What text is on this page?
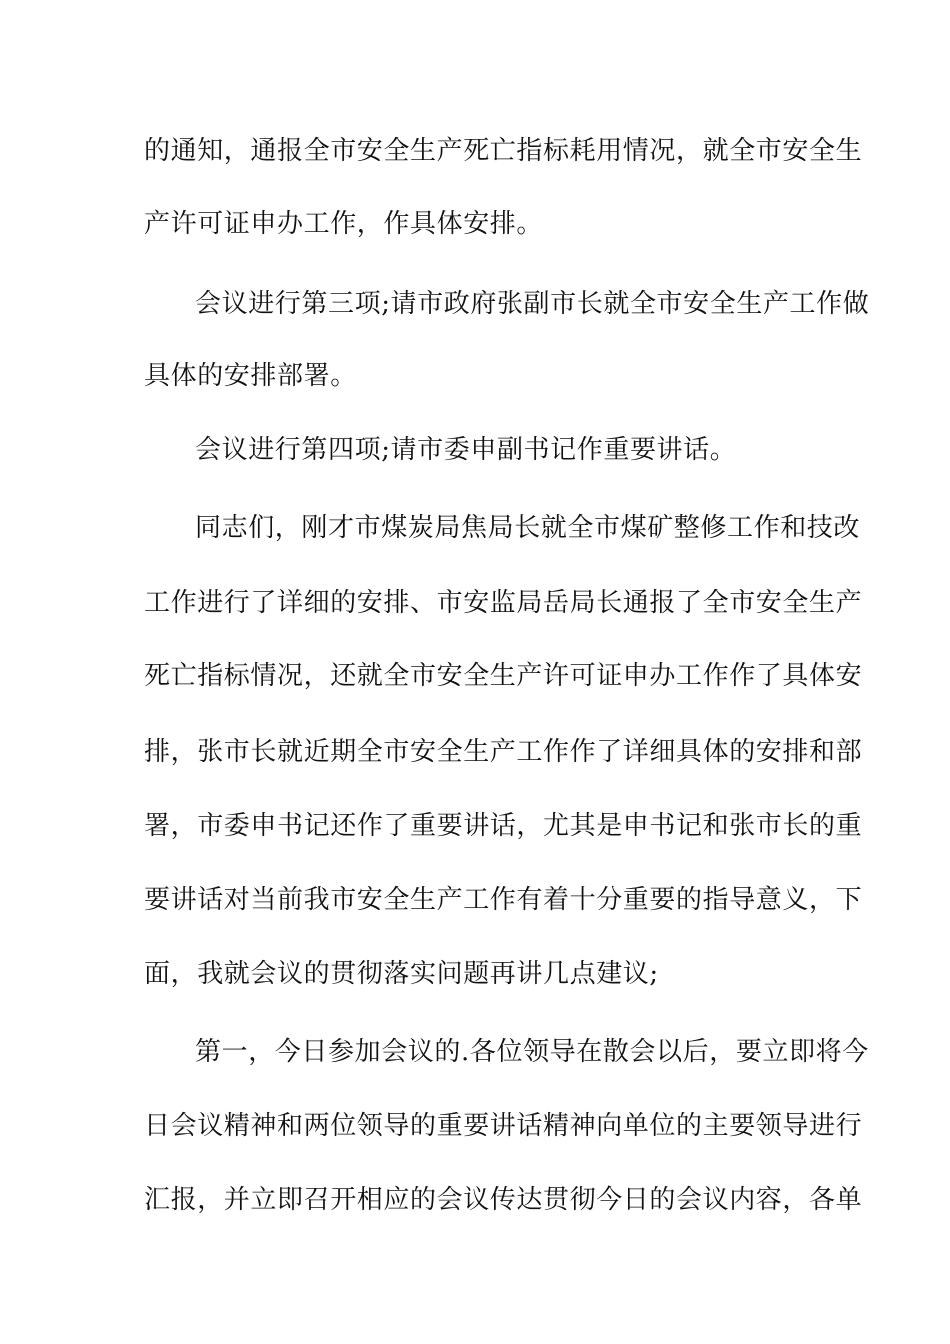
的通知，通报全市安全生产死亡指标耗用情况，就全市安全生
产许可证申办工作，作具体安排。
会议进行第三项;请市政府张副市长就全市安全生产工作做
具体的安排部署。
会议进行第四项;请市委申副书记作重要讲话。
同志们，刚才市煤炭局焦局长就全市煤矿整修工作和技改
工作进行了详细的安排、市安监局岳局长通报了全市安全生产
死亡指标情况，还就全市安全生产许可证申办工作作了具体安
排，张市长就近期全市安全生产工作作了详细具体的安排和部
署，市委申书记还作了重要讲话，尤其是申书记和张市长的重
要讲话对当前我市安全生产工作有着十分重要的指导意义，下
面，我就会议的贯彻落实问题再讲几点建议;
第一，今日参加会议的.各位领导在散会以后，要立即将今
日会议精神和两位领导的重要讲话精神向单位的主要领导进行
汇报，并立即召开相应的会议传达贯彻今日的会议内容，各单
